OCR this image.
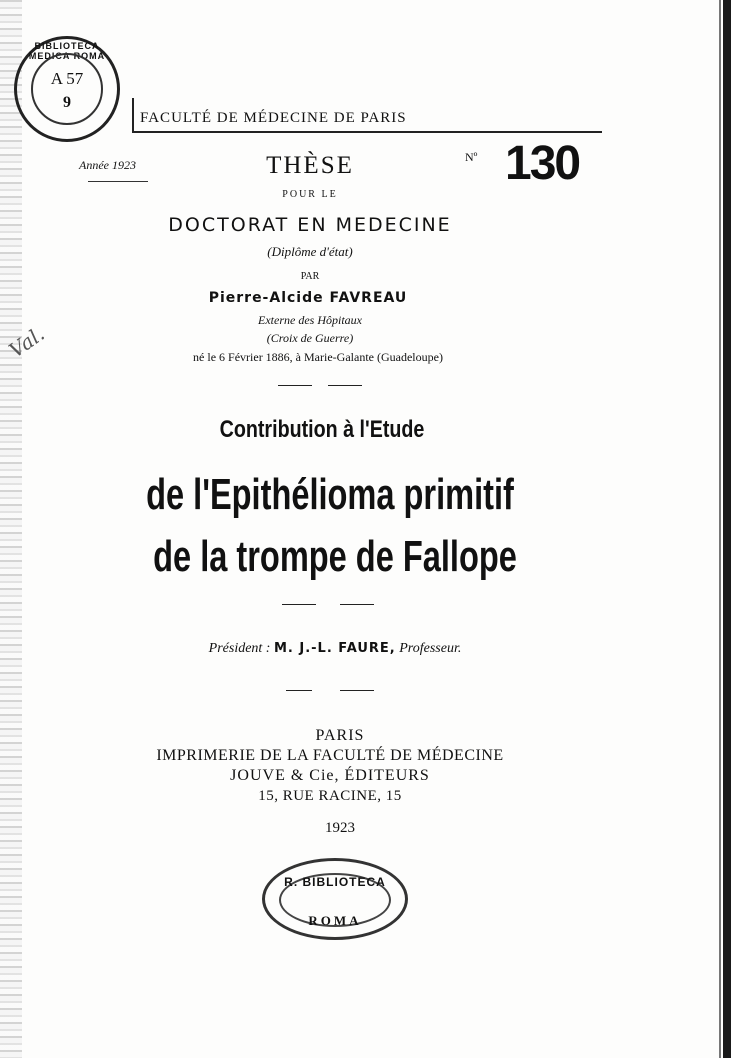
Val.
BIBLIOTECA MEDICA ROMA
A 57
9
FACULTÉ DE MÉDECINE DE PARIS
Année 1923	THÈSE	Nº 130
POUR LE
DOCTORAT EN MEDECINE
(Diplôme d'état)
PAR
Pierre-Alcide FAVREAU
Externe des Hôpitaux
(Croix de Guerre)
né le 6 Février 1886, à Marie-Galante (Guadeloupe)
Contribution à l'Etude
de l'Epithélioma primitif
de la trompe de Fallope
Président : M. J.-L. FAURE, Professeur.
PARIS
IMPRIMERIE DE LA FACULTÉ DE MÉDECINE
JOUVE & Cie, ÉDITEURS
15, RUE RACINE, 15
1923
R. BIBLIOTECA
ROMA
